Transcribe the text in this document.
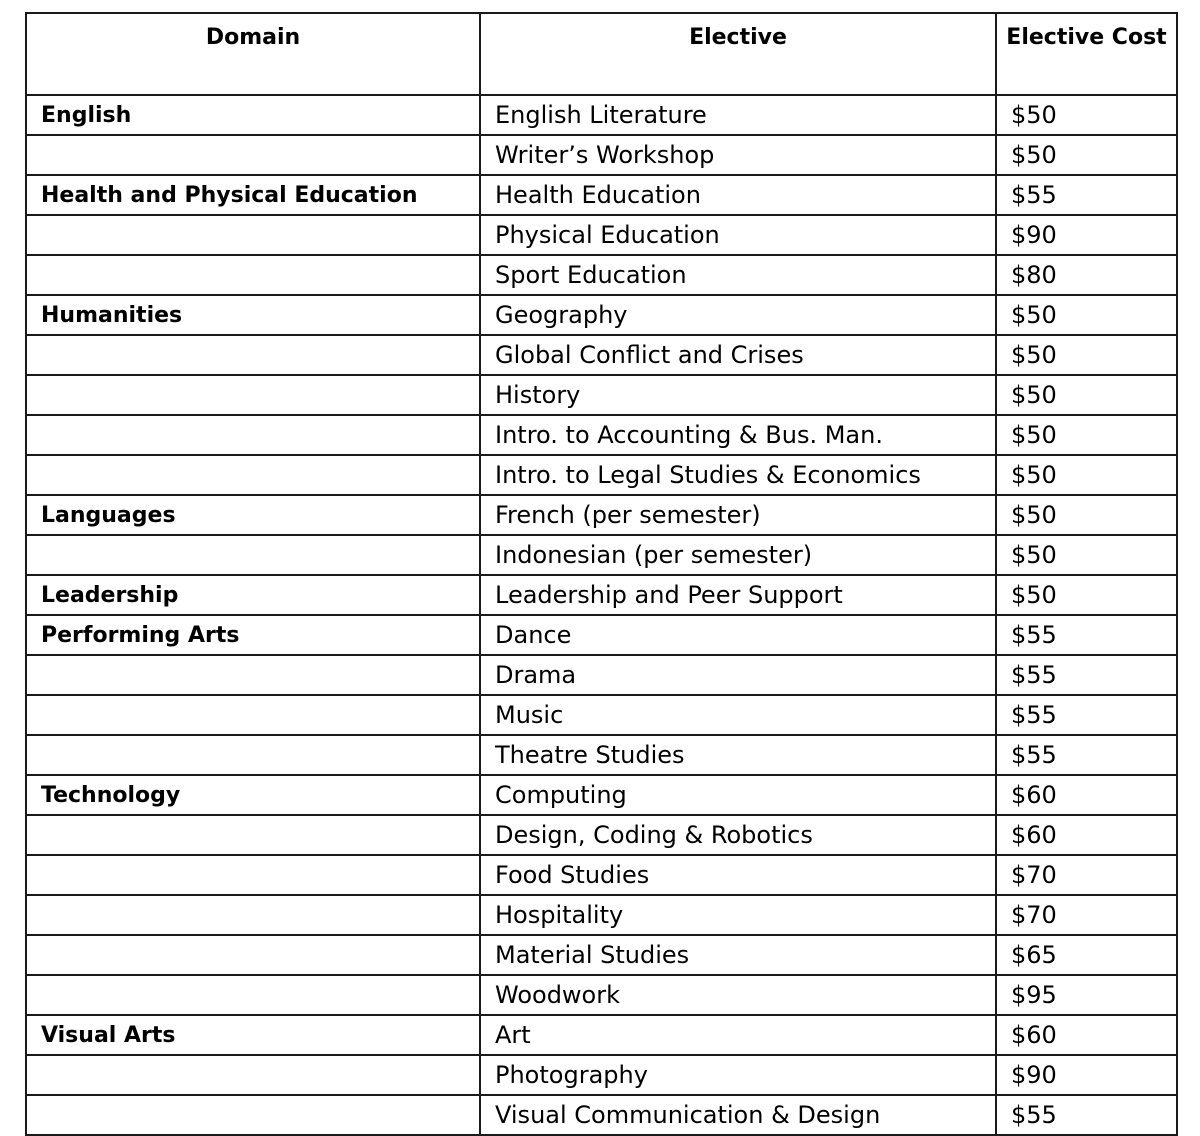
Domain	Elective	Elective Cost
English	English Literature	$50
	Writer’s Workshop	$50
Health and Physical Education	Health Education	$55
	Physical Education	$90
	Sport Education	$80
Humanities	Geography	$50
	Global Conflict and Crises	$50
	History	$50
	Intro. to Accounting & Bus. Man.	$50
	Intro. to Legal Studies & Economics	$50
Languages	French (per semester)	$50
	Indonesian (per semester)	$50
Leadership	Leadership and Peer Support	$50
Performing Arts	Dance	$55
	Drama	$55
	Music	$55
	Theatre Studies	$55
Technology	Computing	$60
	Design, Coding & Robotics	$60
	Food Studies	$70
	Hospitality	$70
	Material Studies	$65
	Woodwork	$95
Visual Arts	Art	$60
	Photography	$90
	Visual Communication & Design	$55
